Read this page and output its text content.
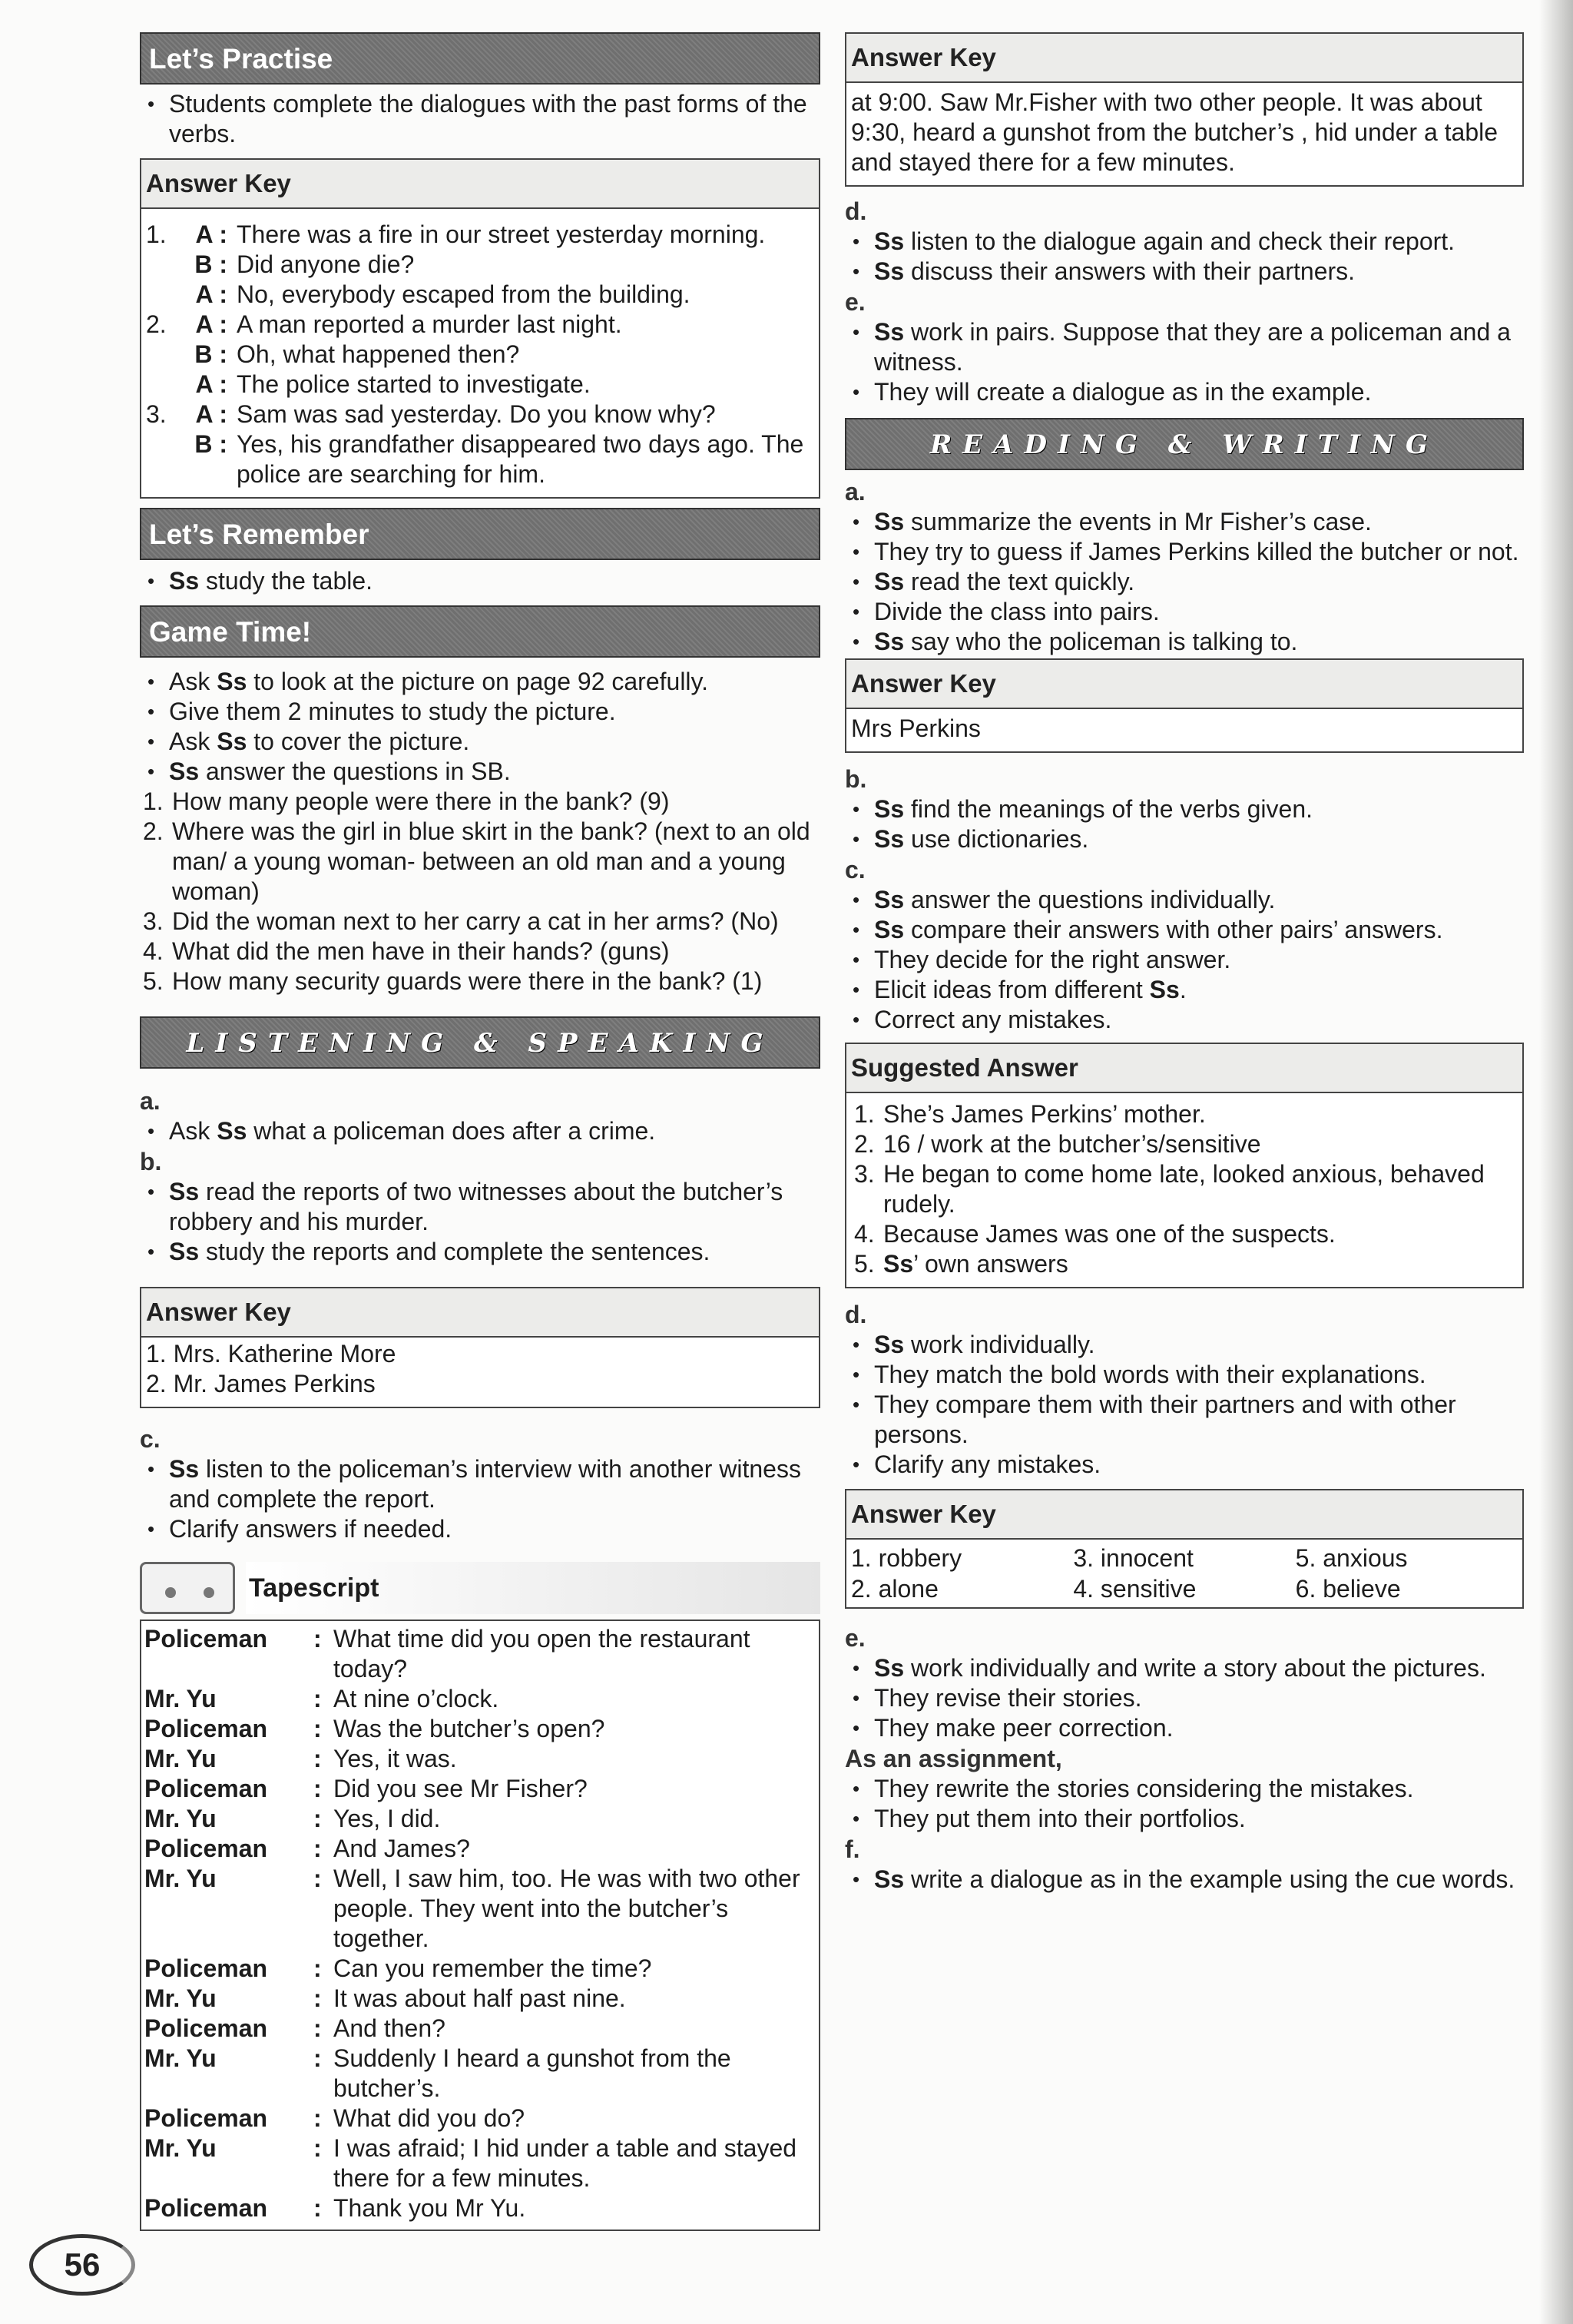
Let’s Practise
• Students complete the dialogues with the past forms of the verbs.
Answer Key
1.	A : There was a fire in our street yesterday morning.
B : Did anyone die?
A : No, everybody escaped from the building.
2.	A : A man reported a murder last night.
B : Oh, what happened then?
A : The police started to investigate.
3.	A : Sam was sad yesterday. Do you know why?
B : Yes, his grandfather disappeared two days ago. The police are searching for him.
Let’s Remember
• Ss study the table.
Game Time!
• Ask Ss to look at the picture on page 92 carefully.
• Give them 2 minutes to study the picture.
• Ask Ss to cover the picture.
• Ss answer the questions in SB.
1. How many people were there in the bank? (9)
2. Where was the girl in blue skirt in the bank? (next to an old man/ a young woman- between an old man and a young woman)
3. Did the woman next to her carry a cat in her arms? (No)
4. What did the men have in their hands? (guns)
5. How many security guards were there in the bank? (1)
LISTENING & SPEAKING
a.
• Ask Ss what a policeman does after a crime.
b.
• Ss read the reports of two witnesses about the butcher’s robbery and his murder.
• Ss study the reports and complete the sentences.
Answer Key
1. Mrs. Katherine More
2. Mr. James Perkins
c.
• Ss listen to the policeman’s interview with another witness and complete the report.
• Clarify answers if needed.
Tapescript
Policeman	:	What time did you open the restaurant today?
Mr. Yu	:	At nine o’clock.
Policeman	:	Was the butcher’s open?
Mr. Yu	:	Yes, it was.
Policeman	:	Did you see Mr Fisher?
Mr. Yu	:	Yes, I did.
Policeman	:	And James?
Mr. Yu	:	Well, I saw him, too. He was with two other people. They went into the butcher’s together.
Policeman	:	Can you remember the time?
Mr. Yu	:	It was about half past nine.
Policeman	:	And then?
Mr. Yu	:	Suddenly I heard a gunshot from the butcher’s.
Policeman	:	What did you do?
Mr. Yu	:	I was afraid; I hid under a table and stayed there for a few minutes.
Policeman	:	Thank you Mr Yu.
Answer Key
at 9:00. Saw Mr.Fisher with two other people. It was about 9:30, heard a gunshot from the butcher’s , hid under a table and stayed there for a few minutes.
d.
• Ss listen to the dialogue again and check their report.
• Ss discuss their answers with their partners.
e.
• Ss work in pairs. Suppose that they are a policeman and a witness.
• They will create a dialogue as in the example.
READING & WRITING
a.
• Ss summarize the events in Mr Fisher’s case.
• They try to guess if James Perkins killed the butcher or not.
• Ss read the text quickly.
• Divide the class into pairs.
• Ss say who the policeman is talking to.
Answer Key
Mrs Perkins
b.
• Ss find the meanings of the verbs given.
• Ss use dictionaries.
c.
• Ss answer the questions individually.
• Ss compare their answers with other pairs’ answers.
• They decide for the right answer.
• Elicit ideas from different Ss.
• Correct any mistakes.
Suggested Answer
1. She’s James Perkins’ mother.
2. 16 / work at the butcher’s/sensitive
3. He began to come home late, looked anxious, behaved rudely.
4. Because James was one of the suspects.
5. Ss’ own answers
d.
• Ss work individually.
• They match the bold words with their explanations.
• They compare them with their partners and with other persons.
• Clarify any mistakes.
Answer Key
1. robbery	3. innocent	5. anxious
2. alone	4. sensitive	6. believe
e.
• Ss work individually and write a story about the pictures.
• They revise their stories.
• They make peer correction.
As an assignment,
• They rewrite the stories considering the mistakes.
• They put them into their portfolios.
f.
• Ss write a dialogue as in the example using the cue words.
56
